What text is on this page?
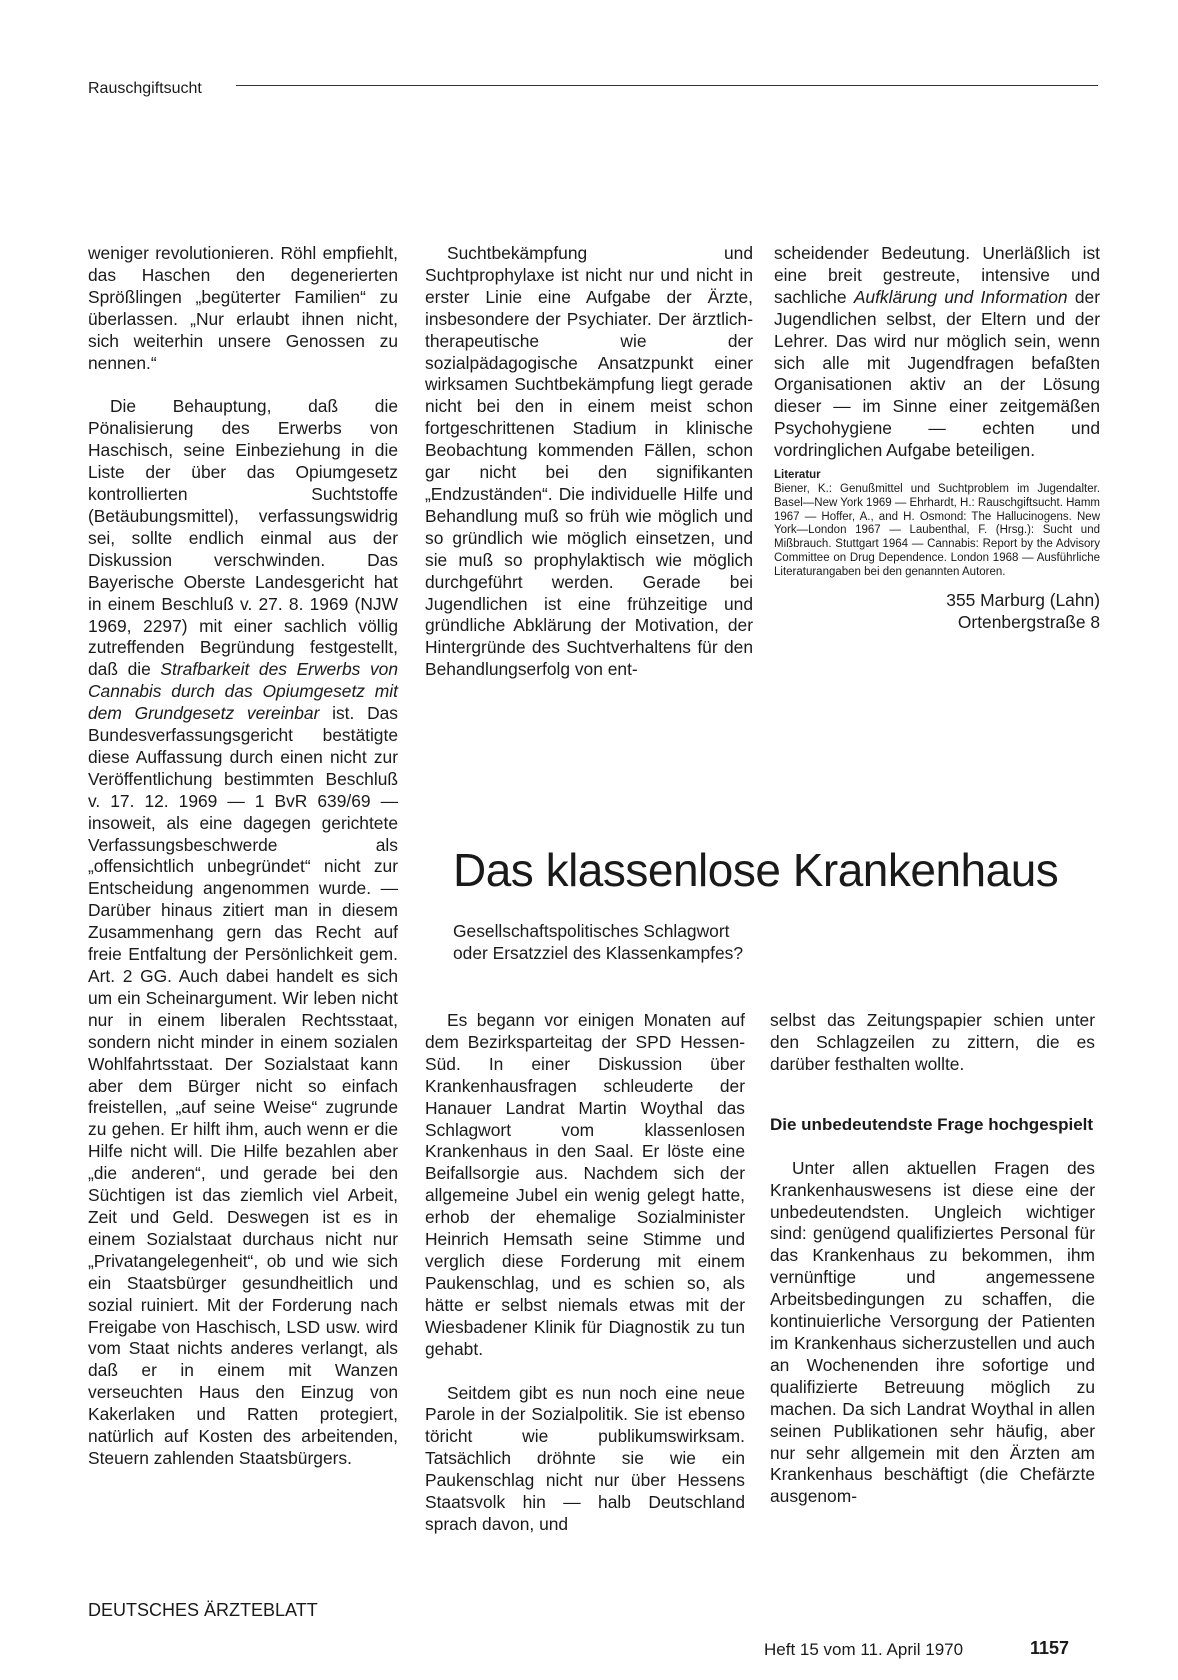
Rauschgiftsucht

weniger revolutionieren. Röhl empfiehlt, das Haschen den degenerierten Sprößlingen „begüterter Familien“ zu überlassen. „Nur erlaubt ihnen nicht, sich weiterhin unsere Genossen zu nennen.“

Die Behauptung, daß die Pönalisierung des Erwerbs von Haschisch, seine Einbeziehung in die Liste der über das Opiumgesetz kontrollierten Suchtstoffe (Betäubungsmittel), verfassungswidrig sei, sollte endlich einmal aus der Diskussion verschwinden. Das Bayerische Oberste Landesgericht hat in einem Beschluß v. 27. 8. 1969 (NJW 1969, 2297) mit einer sachlich völlig zutreffenden Begründung festgestellt, daß die Strafbarkeit des Erwerbs von Cannabis durch das Opiumgesetz mit dem Grundgesetz vereinbar ist. Das Bundesverfassungsgericht bestätigte diese Auffassung durch einen nicht zur Veröffentlichung bestimmten Beschluß v. 17. 12. 1969 — 1 BvR 639/69 — insoweit, als eine dagegen gerichtete Verfassungsbeschwerde als „offensichtlich unbegründet“ nicht zur Entscheidung angenommen wurde. — Darüber hinaus zitiert man in diesem Zusammenhang gern das Recht auf freie Entfaltung der Persönlichkeit gem. Art. 2 GG. Auch dabei handelt es sich um ein Scheinargument. Wir leben nicht nur in einem liberalen Rechtsstaat, sondern nicht minder in einem sozialen Wohlfahrtsstaat. Der Sozialstaat kann aber dem Bürger nicht so einfach freistellen, „auf seine Weise“ zugrunde zu gehen. Er hilft ihm, auch wenn er die Hilfe nicht will. Die Hilfe bezahlen aber „die anderen“, und gerade bei den Süchtigen ist das ziemlich viel Arbeit, Zeit und Geld. Deswegen ist es in einem Sozialstaat durchaus nicht nur „Privatangelegenheit“, ob und wie sich ein Staatsbürger gesundheitlich und sozial ruiniert. Mit der Forderung nach Freigabe von Haschisch, LSD usw. wird vom Staat nichts anderes verlangt, als daß er in einem mit Wanzen verseuchten Haus den Einzug von Kakerlaken und Ratten protegiert, natürlich auf Kosten des arbeitenden, Steuern zahlenden Staatsbürgers.

Suchtbekämpfung und Suchtprophylaxe ist nicht nur und nicht in erster Linie eine Aufgabe der Ärzte, insbesondere der Psychiater. Der ärztlich-therapeutische wie der sozialpädagogische Ansatzpunkt einer wirksamen Suchtbekämpfung liegt gerade nicht bei den in einem meist schon fortgeschrittenen Stadium in klinische Beobachtung kommenden Fällen, schon gar nicht bei den signifikanten „Endzuständen“. Die individuelle Hilfe und Behandlung muß so früh wie möglich und so gründlich wie möglich einsetzen, und sie muß so prophylaktisch wie möglich durchgeführt werden. Gerade bei Jugendlichen ist eine frühzeitige und gründliche Abklärung der Motivation, der Hintergründe des Suchtverhaltens für den Behandlungserfolg von ent-

scheidender Bedeutung. Unerläßlich ist eine breit gestreute, intensive und sachliche Aufklärung und Information der Jugendlichen selbst, der Eltern und der Lehrer. Das wird nur möglich sein, wenn sich alle mit Jugendfragen befaßten Organisationen aktiv an der Lösung dieser — im Sinne einer zeitgemäßen Psychohygiene — echten und vordringlichen Aufgabe beteiligen.

Literatur
Biener, K.: Genußmittel und Suchtproblem im Jugendalter. Basel—New York 1969 — Ehrhardt, H.: Rauschgiftsucht. Hamm 1967 — Hoffer, A., and H. Osmond: The Hallucinogens. New York—London 1967 — Laubenthal, F. (Hrsg.): Sucht und Mißbrauch. Stuttgart 1964 — Cannabis: Report by the Advisory Committee on Drug Dependence. London 1968 — Ausführliche Literaturangaben bei den genannten Autoren.
355 Marburg (Lahn)
Ortenbergstraße 8
Das klassenlose Krankenhaus
Gesellschaftspolitisches Schlagwort
oder Ersatzziel des Klassenkampfes?

Es begann vor einigen Monaten auf dem Bezirksparteitag der SPD Hessen-Süd. In einer Diskussion über Krankenhausfragen schleuderte der Hanauer Landrat Martin Woythal das Schlagwort vom klassenlosen Krankenhaus in den Saal. Er löste eine Beifallsorgie aus. Nachdem sich der allgemeine Jubel ein wenig gelegt hatte, erhob der ehemalige Sozialminister Heinrich Hemsath seine Stimme und verglich diese Forderung mit einem Paukenschlag, und es schien so, als hätte er selbst niemals etwas mit der Wiesbadener Klinik für Diagnostik zu tun gehabt.

Seitdem gibt es nun noch eine neue Parole in der Sozialpolitik. Sie ist ebenso töricht wie publikumswirksam. Tatsächlich dröhnte sie wie ein Paukenschlag nicht nur über Hessens Staatsvolk hin — halb Deutschland sprach davon, und

selbst das Zeitungspapier schien unter den Schlagzeilen zu zittern, die es darüber festhalten wollte.

Die unbedeutendste Frage hochgespielt

Unter allen aktuellen Fragen des Krankenhauswesens ist diese eine der unbedeutendsten. Ungleich wichtiger sind: genügend qualifiziertes Personal für das Krankenhaus zu bekommen, ihm vernünftige und angemessene Arbeitsbedingungen zu schaffen, die kontinuierliche Versorgung der Patienten im Krankenhaus sicherzustellen und auch an Wochenenden ihre sofortige und qualifizierte Betreuung möglich zu machen. Da sich Landrat Woythal in allen seinen Publikationen sehr häufig, aber nur sehr allgemein mit den Ärzten am Krankenhaus beschäftigt (die Chefärzte ausgenom-

DEUTSCHES ÄRZTEBLATT
Heft 15 vom 11. April 1970	1157
